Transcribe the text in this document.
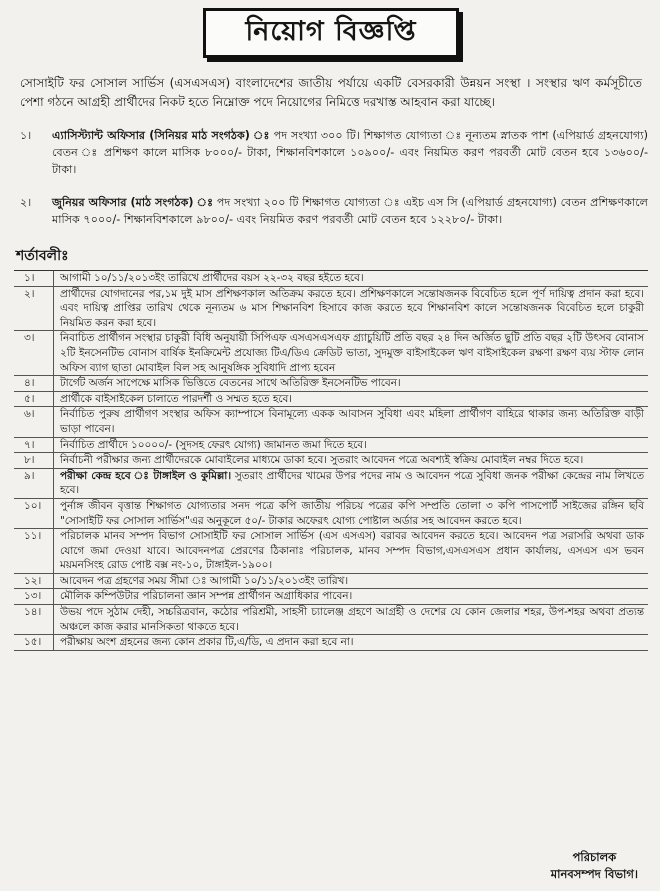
নিয়োগ বিজ্ঞপ্তি
সোসাইটি ফর সোসাল সার্ভিস (এসএসএস) বাংলাদেশের জাতীয় পর্যায়ে একটি বেসরকারী উন্নয়ন সংস্থা । সংস্থার ঋণ কর্মসূচীতে পেশা গঠনে আগ্রহী প্রার্থীদের নিকট হতে নিম্নোক্ত পদে নিয়োগের নিমিত্তে দরখাস্ত আহবান করা যাচ্ছে।
১।	এ্যাসিস্ট্যান্ট অফিসার (সিনিয়র মাঠ সংগঠক) ঃ পদ সংখ্যা ৩০০ টি। শিক্ষাগত যোগ্যতা ঃ নূন্যতম স্নাতক পাশ (এপিয়ার্ড গ্রহনযোগ্য) বেতন ঃ প্রশিক্ষণ কালে মাসিক ৮০০০/- টাকা, শিক্ষানবিশকালে ১০৯০০/- এবং নিয়মিত করণ পরবর্তী মোট বেতন হবে ১৩৬০০/- টাকা।
২।	জুনিয়র অফিসার (মাঠ সংগঠক) ঃ পদ সংখ্যা ২০০ টি শিক্ষাগত যোগ্যতা ঃ এইচ এস সি (এপিয়ার্ড গ্রহনযোগ্য) বেতন প্রশিক্ষণকালে মাসিক ৭০০০/- শিক্ষানবিশকালে ৯৮০০/- এবং নিয়মিত করণ পরবর্তী মোট বেতন হবে ১২২৮০/- টাকা।
শর্তাবলীঃ
১।	আগামী ১০/১১/২০১৩ইং তারিখে প্রার্থীদের বয়স ২২-৩২ বছর হইতে হবে।
২।	প্রার্থীদের যোগদানের পর,১ম দুই মাস প্রশিক্ষণকাল অতিক্রম করতে হবে। প্রশিক্ষণকালে সন্তোষজনক বিবেচিত হলে পূর্ণ দায়িত্ব প্রদান করা হবে। এবং দায়িত্ব প্রাপ্তির তারিখ থেকে নূন্যতম ৬ মাস শিক্ষানবিশ হিসাবে কাজ করতে হবে শিক্ষানবিশ কালে সন্তোষজনক বিবেচিত হলে চাকুরী নিয়মিত করন করা হবে।
৩।	নিবাচিত প্রার্থীগন সংস্থার চাকুরী বিধি অনুযায়ী সিপিএফ এসএসএসএফ গ্র্যাচুয়িটি প্রতি বছর ২৪ দিন অর্জিত ছুটি প্রতি বছর ২টি উৎসব বোনাস ২টি ইনসেনটিভ বোনাস বার্ষিক ইনক্রিমেন্ট প্রযোজ্য টিএ/ডিএ ক্রেডিট ভাতা, সুদমুক্ত বাইসাইকেল ঋণ বাইসাইকেল রক্ষণা রক্ষণ ব্যয় স্টাফ লোন অফিস ব্যাগ ছাতা মোবাইল বিল সহ আনুষঙ্গিক সুবিধাদি প্রাপ্য হবেন
৪।	টার্গেট অর্জন সাপেক্ষে মাসিক ভিত্তিতে বেতনের সাথে অতিরিক্ত ইনসেনটিভ পাবেন।
৫।	প্রার্থীকে বাইসাইকেল চালাতে পারদর্শী ও সম্মত হতে হবে।
৬।	নির্বাচিত পুরুষ প্রার্থীগণ সংস্থার অফিস ক্যাম্পাসে বিনামূল্যে একক আবাসন সুবিধা এবং মহিলা প্রার্থীগণ বাহিরে থাকার জন্য অতিরিক্ত বাড়ী ভাড়া পাবেন।
৭।	নির্বাচিত প্রার্থীদে ১০০০০/- (সুদসহ ফেরৎ যোগ্য) জামানত জমা দিতে হবে।
৮।	নির্বাচনী পরীক্ষার জন্য প্রার্থীদেরকে মোবাইলের মাধ্যমে ডাকা হবে। সুতরাং আবেদন পত্রে অবশ্যই স্বক্রিয় মোবাইল নম্বর দিতে হবে।
৯।	পরীক্ষা কেন্দ্র হবে ঃ টাঙ্গাইল ও কুমিল্লা। সুতরাং প্রার্থীদের খামের উপর পদের নাম ও আবেদন পত্রে সুবিধা জনক পরীক্ষা কেন্দ্রের নাম লিখতে হবে।
১০।	পুর্নাঙ্গ জীবন বৃত্তান্ত শিক্ষাগত যোগ্যতার সনদ পত্রে কপি জাতীয় পরিচয় পত্রের কপি সম্প্রতি তোলা ৩ কপি পাসপোর্ট সাইজের রঙ্গিন ছবি "সোসাইটি ফর সোসাল সার্ভিস"এর অনুকূলে ৫০/- টাকার অফেরৎ যোগ্য পোষ্টাল অর্ডার সহ আবেদন করতে হবে।
১১।	পরিচালক মানব সম্পদ বিভাগ সোসাইটি ফর সোসাল সার্ভিস (এস এসএস) বরাবর আবেদন করতে হবে। আবেদন পত্র সরাসরি অথবা ডাক যোগে জমা দেওয়া যাবে। আবেদনপত্র প্রেরণের ঠিকানাঃ পরিচালক, মানব সম্পদ বিভাগ,এসএসএস প্রধান কার্যালয়, এসএস এস ভবন ময়মনসিংহ রোড পোষ্ট বক্স নং-১০, টাঙ্গাইল-১৯০০।
১২।	আবেদন পত্র গ্রহণের সময় সীমা ঃ আগামী ১০/১১/২০১৩ইং তারিখ।
১৩।	মৌলিক কম্পিউটার পরিচালনা জ্ঞান সম্পন্ন প্রার্থীগন অগ্রাধিকার পাবেন।
১৪।	উভয় পদে সুঠাম দেহী, সচ্চরিত্রবান, কঠোর পরিশ্রমী, সাহসী চ্যালেঞ্জ গ্রহণে আগ্রহী ও দেশের যে কোন জেলার শহর, উপ-শহর অথবা প্রত্যন্ত অঞ্চলে কাজ করার মানসিকতা থাকতে হবে।
১৫।	পরীক্ষায় অংশ গ্রহনের জন্য কোন প্রকার টি,এ/ডি, এ প্রদান করা হবে না।
পরিচালক
মানবসম্পদ বিভাগ।
